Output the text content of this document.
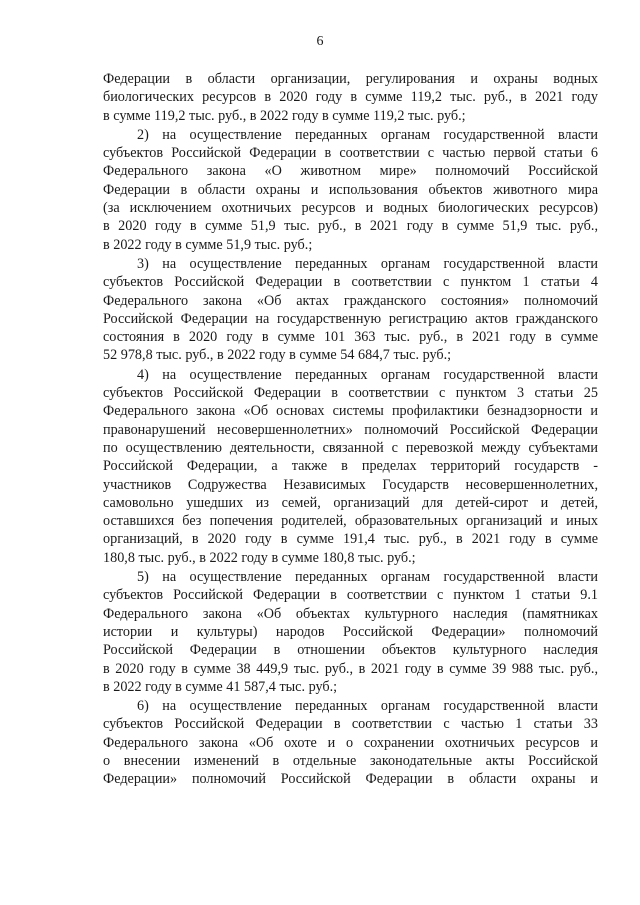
6
Федерации в области организации, регулирования и охраны водных
биологических ресурсов в 2020 году в сумме 119,2 тыс. руб., в 2021 году
в сумме 119,2 тыс. руб., в 2022 году в сумме 119,2 тыс. руб.;
2) на осуществление переданных органам государственной власти
субъектов Российской Федерации в соответствии с частью первой статьи 6
Федерального закона «О животном мире» полномочий Российской
Федерации в области охраны и использования объектов животного мира
(за исключением охотничьих ресурсов и водных биологических ресурсов)
в 2020 году в сумме 51,9 тыс. руб., в 2021 году в сумме 51,9 тыс. руб.,
в 2022 году в сумме 51,9 тыс. руб.;
3) на осуществление переданных органам государственной власти
субъектов Российской Федерации в соответствии с пунктом 1 статьи 4
Федерального закона «Об актах гражданского состояния» полномочий
Российской Федерации на государственную регистрацию актов гражданского
состояния в 2020 году в сумме 101 363 тыс. руб., в 2021 году в сумме
52 978,8 тыс. руб., в 2022 году в сумме 54 684,7 тыс. руб.;
4) на осуществление переданных органам государственной власти
субъектов Российской Федерации в соответствии с пунктом 3 статьи 25
Федерального закона «Об основах системы профилактики безнадзорности и
правонарушений несовершеннолетних» полномочий Российской Федерации
по осуществлению деятельности, связанной с перевозкой между субъектами
Российской Федерации, а также в пределах территорий государств -
участников Содружества Независимых Государств несовершеннолетних,
самовольно ушедших из семей, организаций для детей-сирот и детей,
оставшихся без попечения родителей, образовательных организаций и иных
организаций, в 2020 году в сумме 191,4 тыс. руб., в 2021 году в сумме
180,8 тыс. руб., в 2022 году в сумме 180,8 тыс. руб.;
5) на осуществление переданных органам государственной власти
субъектов Российской Федерации в соответствии с пунктом 1 статьи 9.1
Федерального закона «Об объектах культурного наследия (памятниках
истории и культуры) народов Российской Федерации» полномочий
Российской Федерации в отношении объектов культурного наследия
в 2020 году в сумме 38 449,9 тыс. руб., в 2021 году в сумме 39 988 тыс. руб.,
в 2022 году в сумме 41 587,4 тыс. руб.;
6) на осуществление переданных органам государственной власти
субъектов Российской Федерации в соответствии с частью 1 статьи 33
Федерального закона «Об охоте и о сохранении охотничьих ресурсов и
о внесении изменений в отдельные законодательные акты Российской
Федерации» полномочий Российской Федерации в области охраны и
